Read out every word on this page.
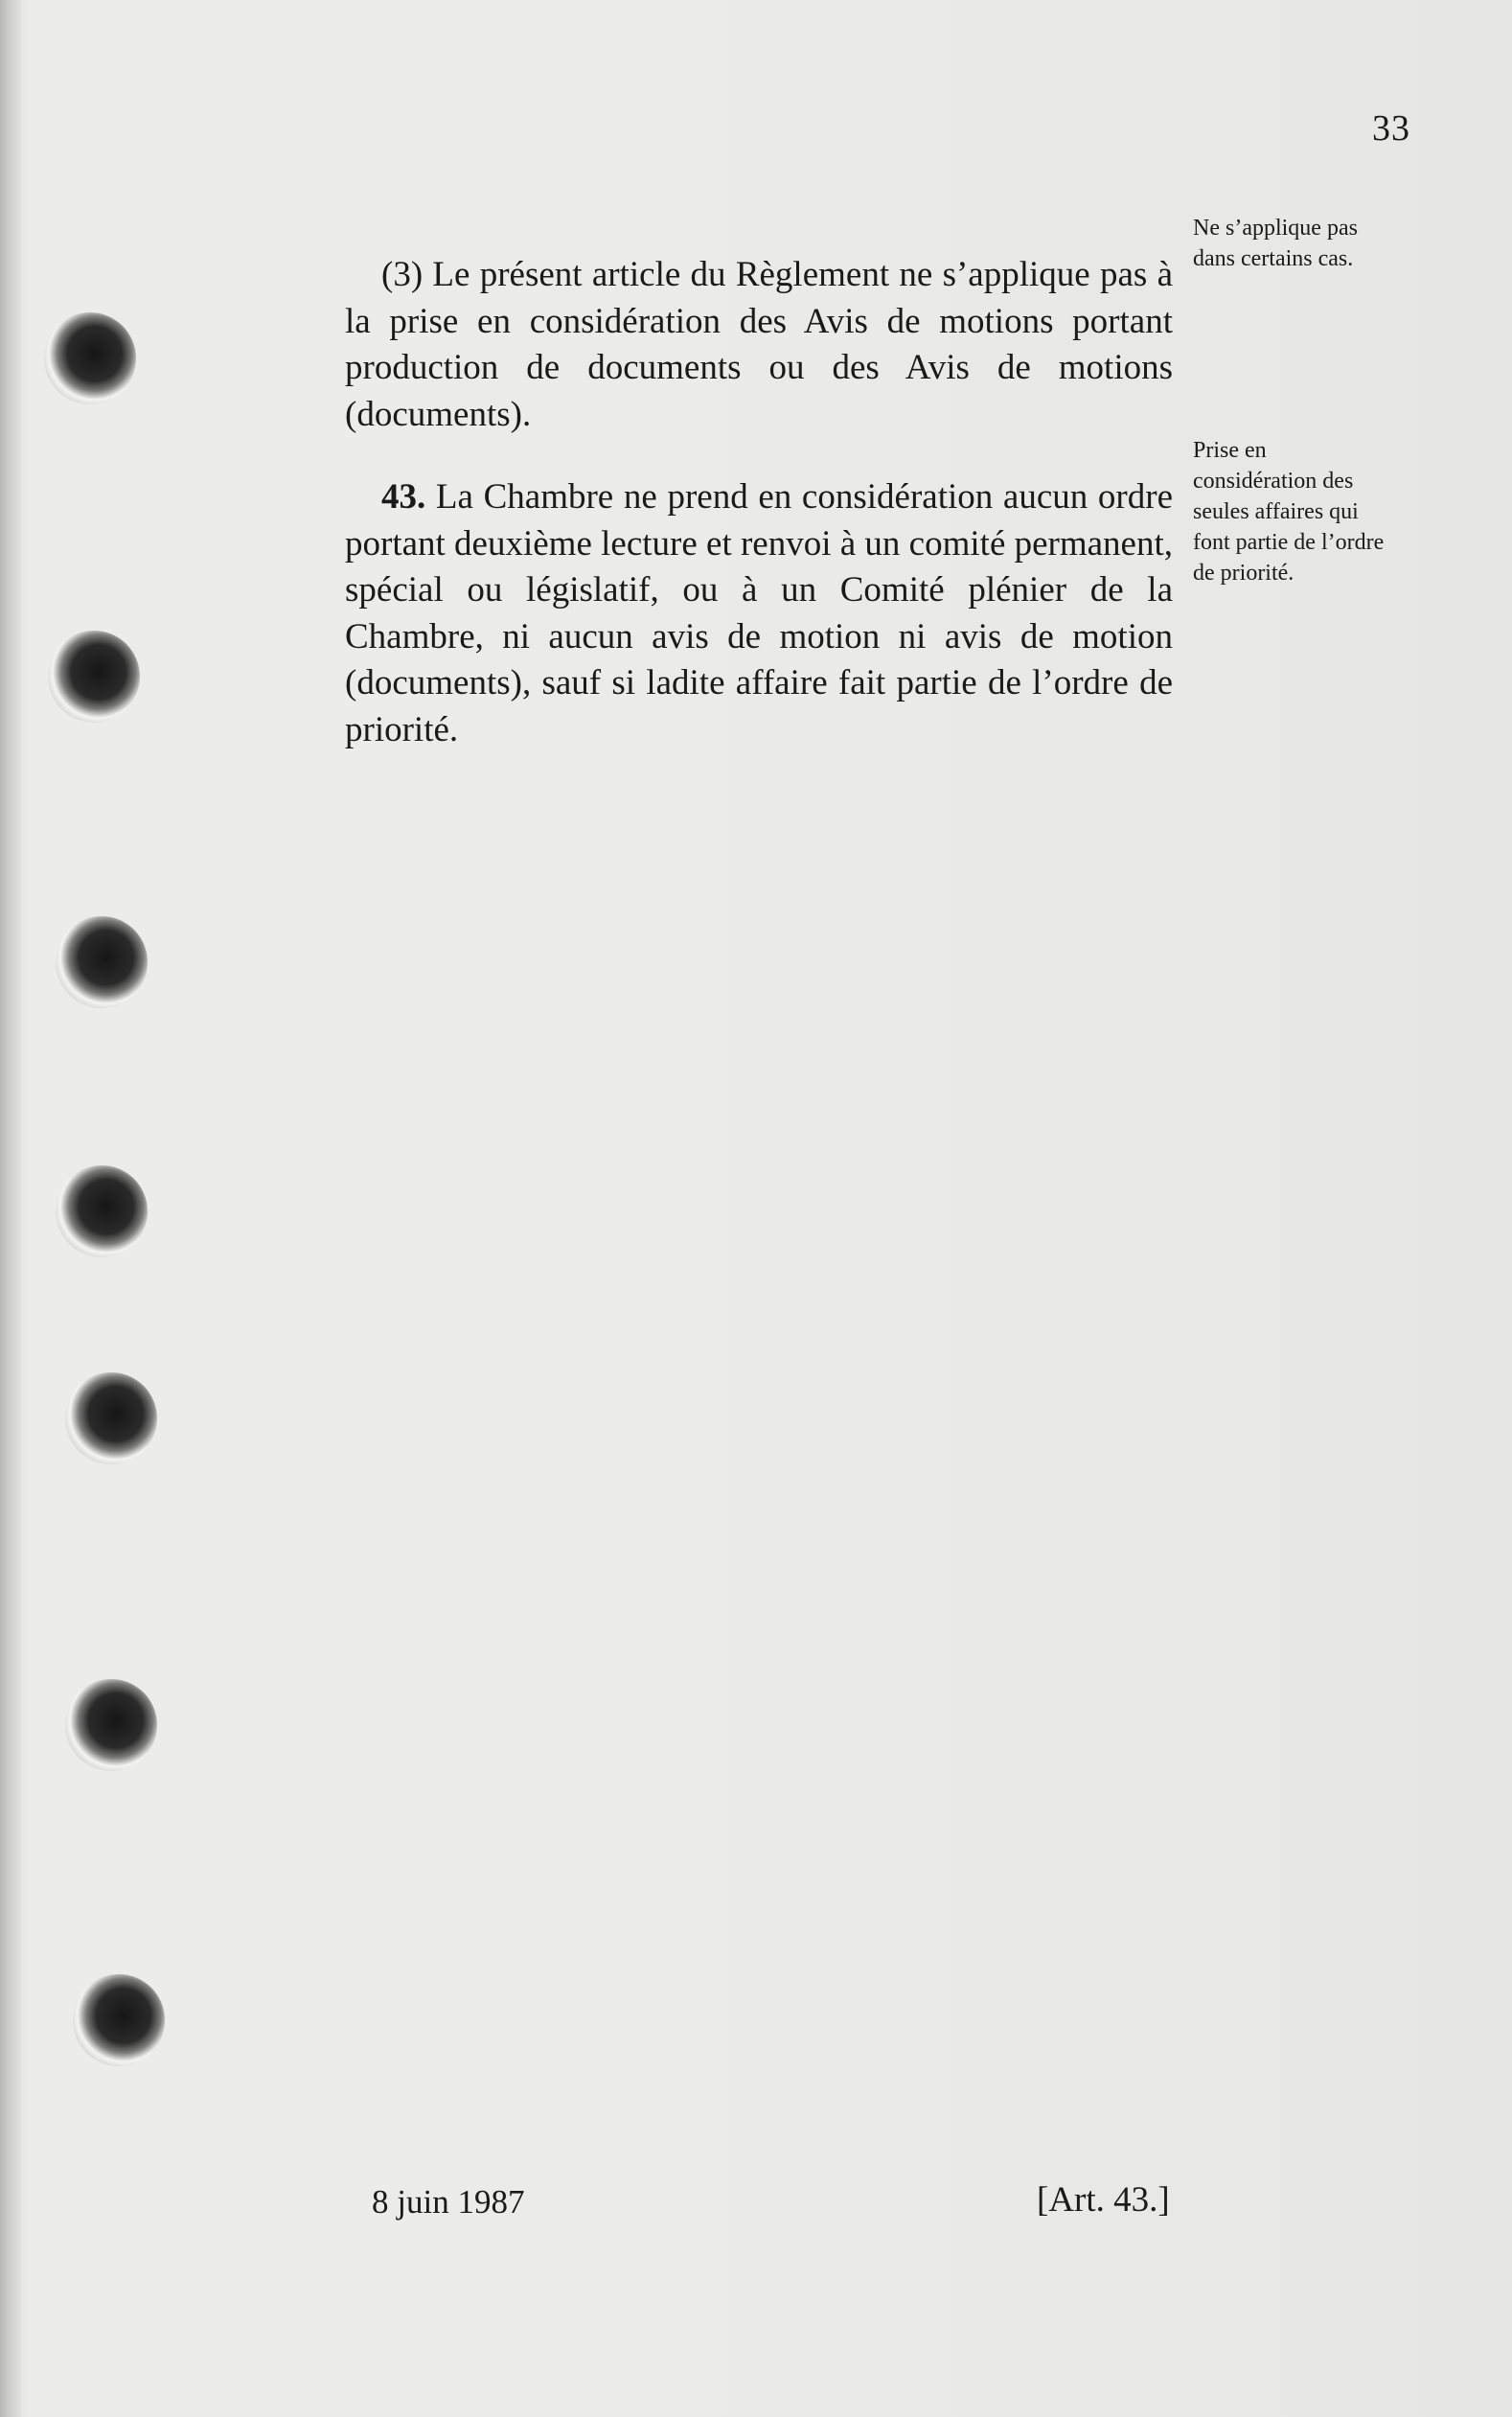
33

(3) Le présent article du Règlement ne s’applique pas à la prise en considération des Avis de motions portant production de documents ou des Avis de motions (documents).

43. La Chambre ne prend en considération aucun ordre portant deuxième lecture et renvoi à un comité permanent, spécial ou législatif, ou à un Comité plénier de la Chambre, ni aucun avis de motion ni avis de motion (documents), sauf si ladite affaire fait partie de l’ordre de priorité.

Ne s’applique pas dans certains cas.
Prise en considération des seules affaires qui font partie de l’ordre de priorité.
8 juin 1987	[Art. 43.]
